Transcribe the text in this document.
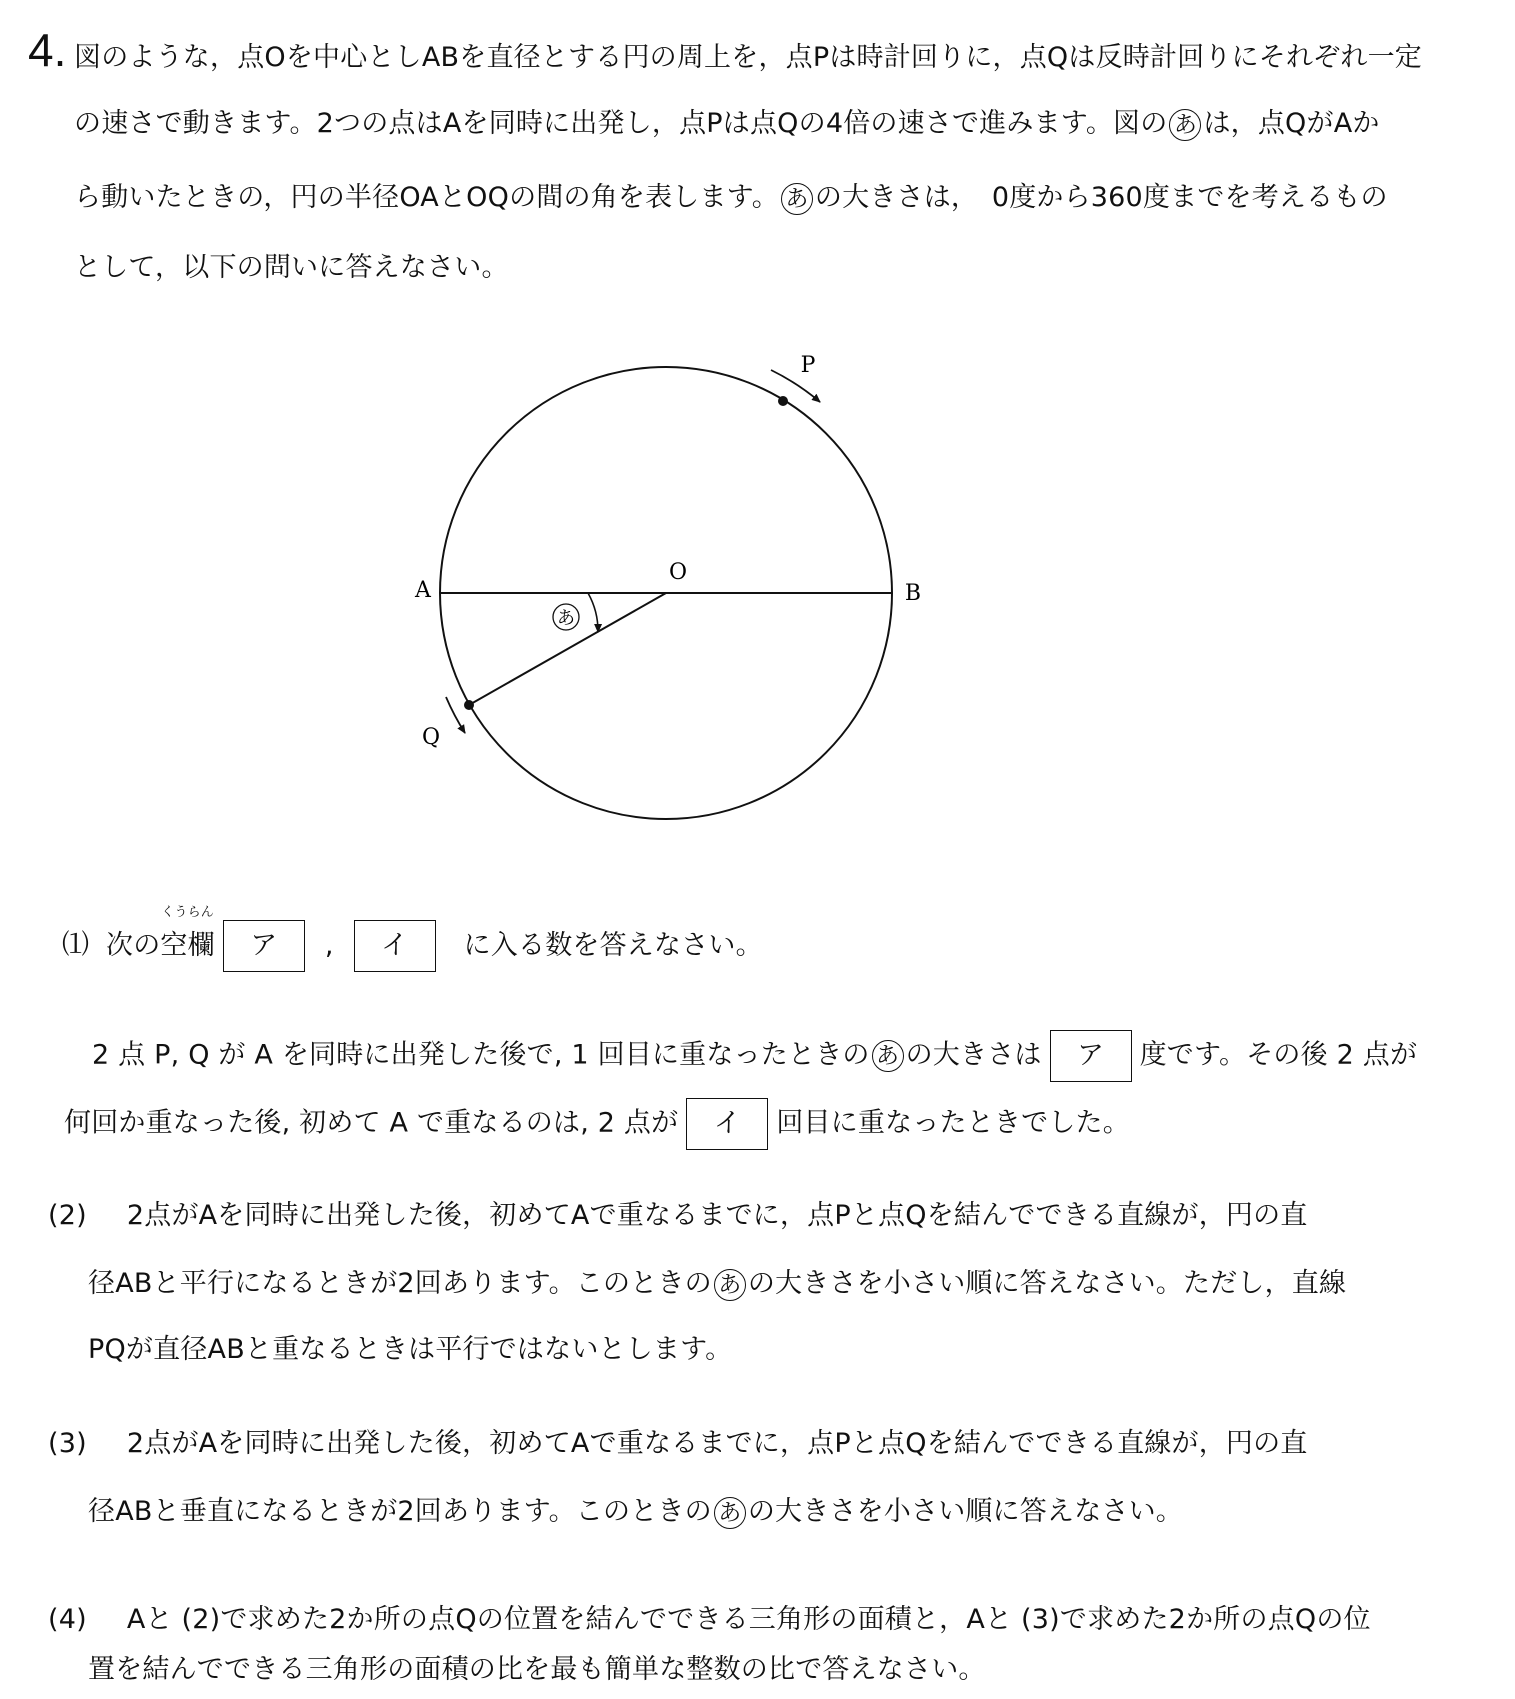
4. 図のような，点Oを中心としABを直径とする円の周上を，点Pは時計回りに，点Qは反時計回りにそれぞれ一定
の速さで動きます。2つの点はAを同時に出発し，点Pは点Qの4倍の速さで進みます。図の あ は，点QがAか
ら動いたときの，円の半径OAとOQの間の角を表します。 あ の大きさは，　0度から360度までを考えるもの
として，以下の問いに答えなさい。
あ
A	B
O
P
Q
⑴ 次の
くうらん
空欄 ア , イ に入る数を答えなさい。
2 点 P, Q が A を同時に出発した後で, 1 回目に重なったときの あ の大きさは ア 度です。その後 2 点が
何回か重なった後, 初めて A で重なるのは, 2 点が イ 回目に重なったときでした。
(2) 2点がAを同時に出発した後，初めてAで重なるまでに，点Pと点Qを結んでできる直線が，円の直
径ABと平行になるときが2回あります。このときの あ の大きさを小さい順に答えなさい。ただし，直線
PQが直径ABと重なるときは平行ではないとします。
(3) 2点がAを同時に出発した後，初めてAで重なるまでに，点Pと点Qを結んでできる直線が，円の直
径ABと垂直になるときが2回あります。このときの あ の大きさを小さい順に答えなさい。
(4) Aと (2)で求めた2か所の点Qの位置を結んでできる三角形の面積と，Aと (3)で求めた2か所の点Qの位
置を結んでできる三角形の面積の比を最も簡単な整数の比で答えなさい。
